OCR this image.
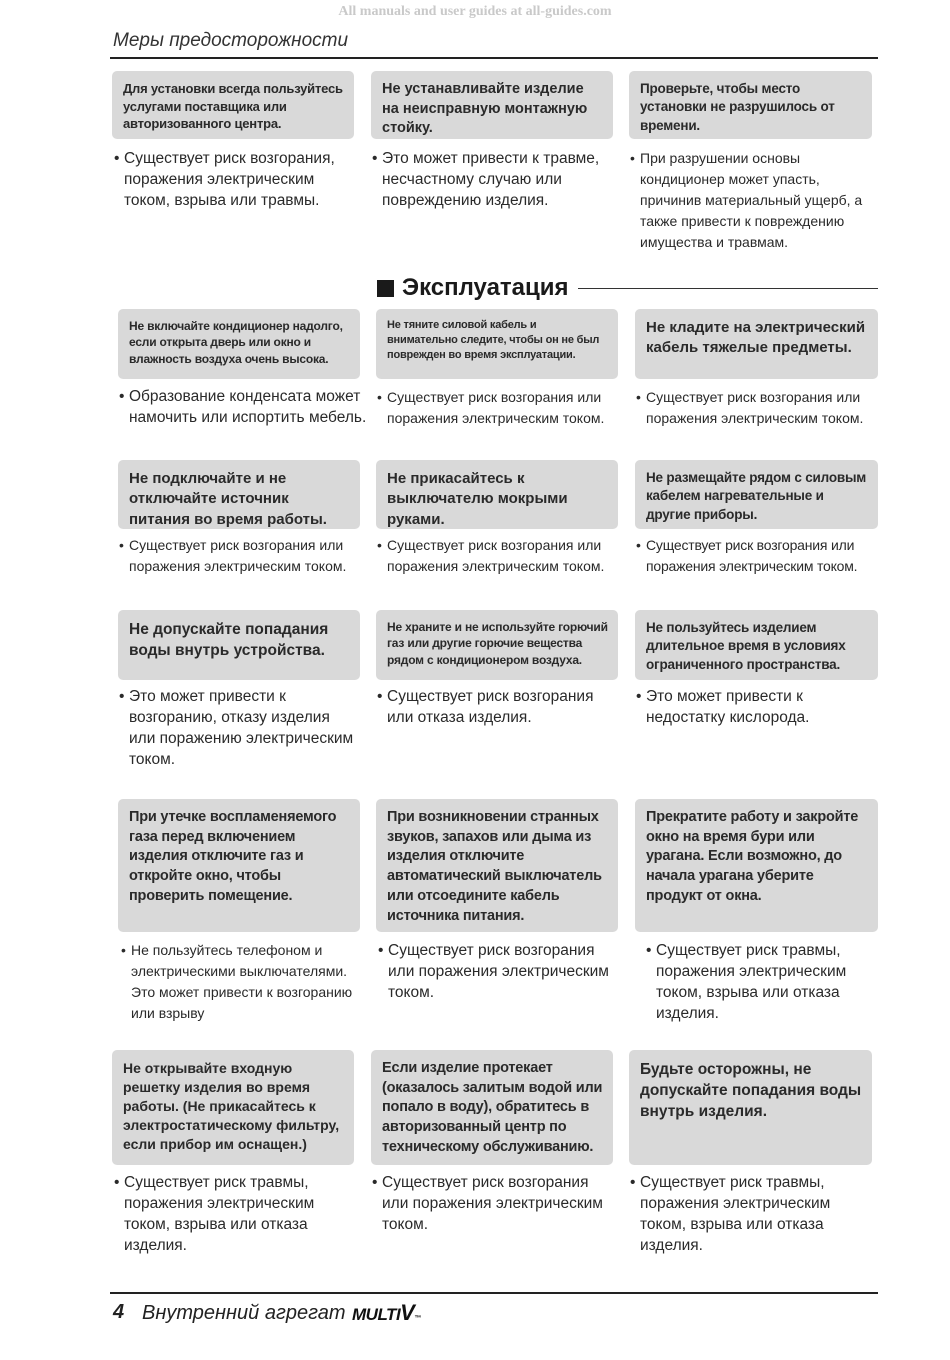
All manuals and user guides at all-guides.com
Меры предосторожности
Для установки всегда пользуйтесь услугами поставщика или авторизованного центра.
Не устанавливайте изделие на неисправную монтажную стойку.
Проверьте, чтобы место установки не разрушилось от времени.
• Существует риск возгорания, поражения электрическим током, взрыва или травмы.
• Это может привести к травме, несчастному случаю или повреждению изделия.
• При разрушении основы кондиционер может упасть, причинив материальный ущерб, а также привести к повреждению имущества и травмам.
Эксплуатация
Не включайте кондиционер надолго, если открыта дверь или окно и влажность воздуха очень высока.
Не тяните силовой кабель и внимательно следите, чтобы он не был поврежден во время эксплуатации.
Не кладите на электрический кабель тяжелые предметы.
• Образование конденсата может намочить или испортить мебель.
• Существует риск возгорания или поражения электрическим током.
• Существует риск возгорания или поражения электрическим током.
Не подключайте и не отключайте источник питания во время работы.
Не прикасайтесь к выключателю мокрыми руками.
Не размещайте рядом с силовым кабелем нагревательные и другие приборы.
• Существует риск возгорания или поражения электрическим током.
• Существует риск возгорания или поражения электрическим током.
• Существует риск возгорания или поражения электрическим током.
Не допускайте попадания воды внутрь устройства.
Не храните и не используйте горючий газ или другие горючие вещества рядом с кондиционером воздуха.
Не пользуйтесь изделием длительное время в условиях ограниченного пространства.
• Это может привести к возгоранию, отказу изделия или поражению электрическим током.
• Существует риск возгорания или отказа изделия.
• Это может привести к недостатку кислорода.
При утечке воспламеняемого газа перед включением изделия отключите газ и откройте окно, чтобы проверить помещение.
При возникновении странных звуков, запахов или дыма из изделия отключите автоматический выключатель или отсоедините кабель источника питания.
Прекратите работу и закройте окно на время бури или урагана. Если возможно, до начала урагана уберите продукт от окна.
• Не пользуйтесь телефоном и электрическими выключателями. Это может привести к возгоранию или взрыву
• Существует риск возгорания или поражения электрическим током.
• Существует риск травмы, поражения электрическим током, взрыва или отказа изделия.
Не открывайте входную решетку изделия во время работы. (Не прикасайтесь к электростатическому фильтру, если прибор им оснащен.)
Если изделие протекает (оказалось залитым водой или попало в воду), обратитесь в авторизованный центр по техническому обслуживанию.
Будьте осторожны, не допускайте попадания воды внутрь изделия.
• Существует риск травмы, поражения электрическим током, взрыва или отказа изделия.
• Существует риск возгорания или поражения электрическим током.
• Существует риск травмы, поражения электрическим током, взрыва или отказа изделия.
4 Внутренний агрегат MULTIV™
